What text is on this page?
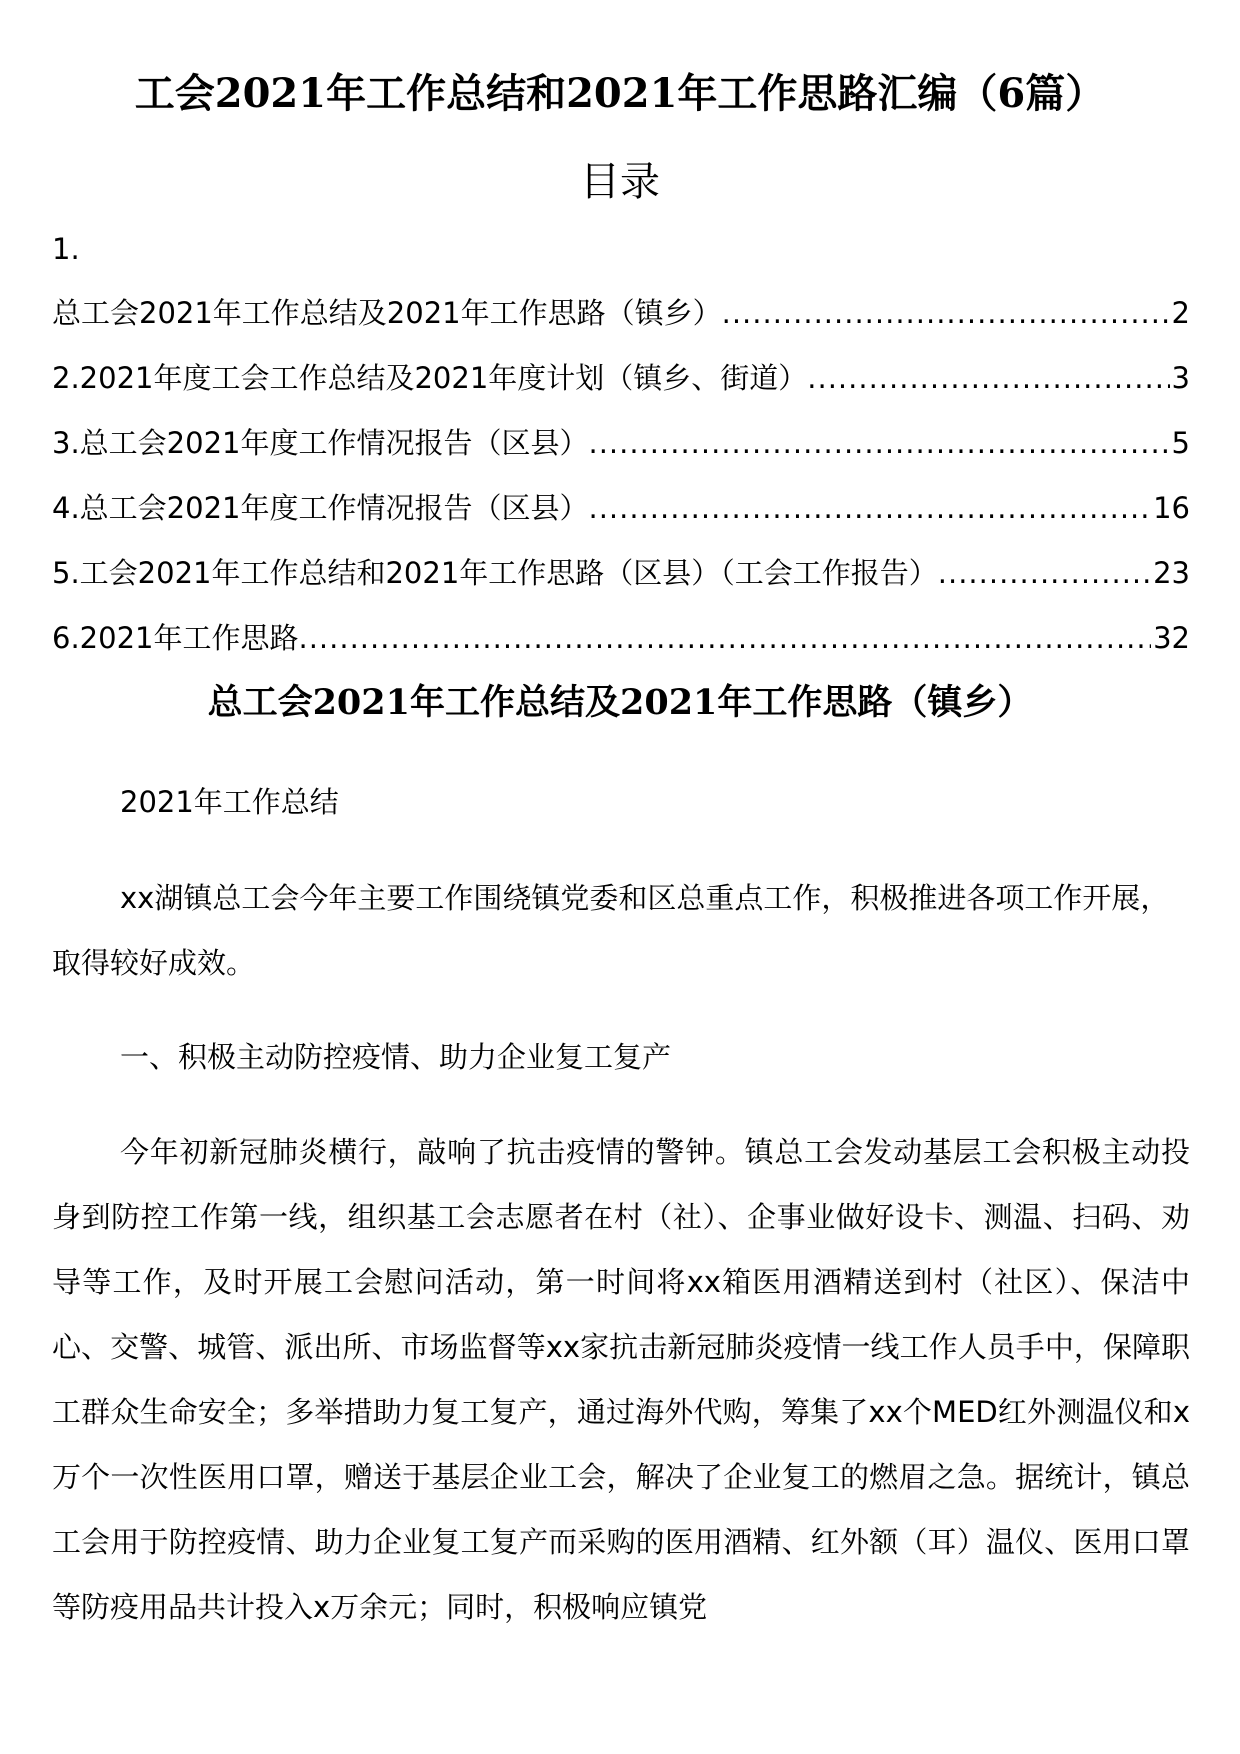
工会2021年工作总结和2021年工作思路汇编（6篇）
目录
1.
总工会2021年工作总结及2021年工作思路（镇乡） .....	2
2.2021年度工会工作总结及2021年度计划（镇乡、街道） .....	3
3.总工会2021年度工作情况报告（区县） .....	5
4.总工会2021年度工作情况报告（区县） .....	16
5.工会2021年工作总结和2021年工作思路（区县）（工会工作报告） .....	23
6.2021年工作思路 .....	32
总工会2021年工作总结及2021年工作思路（镇乡）

2021年工作总结

xx湖镇总工会今年主要工作围绕镇党委和区总重点工作，积极推进各项工作开展，取得较好成效。

一、积极主动防控疫情、助力企业复工复产

今年初新冠肺炎横行，敲响了抗击疫情的警钟。镇总工会发动基层工会积极主动投身到防控工作第一线，组织基工会志愿者在村（社）、企事业做好设卡、测温、扫码、劝导等工作，及时开展工会慰问活动，第一时间将xx箱医用酒精送到村（社区）、保洁中心、交警、城管、派出所、市场监督等xx家抗击新冠肺炎疫情一线工作人员手中，保障职工群众生命安全；多举措助力复工复产，通过海外代购，筹集了xx个MED红外测温仪和x万个一次性医用口罩，赠送于基层企业工会，解决了企业复工的燃眉之急。据统计，镇总工会用于防控疫情、助力企业复工复产而采购的医用酒精、红外额（耳）温仪、医用口罩等防疫用品共计投入x万余元；同时，积极响应镇党
